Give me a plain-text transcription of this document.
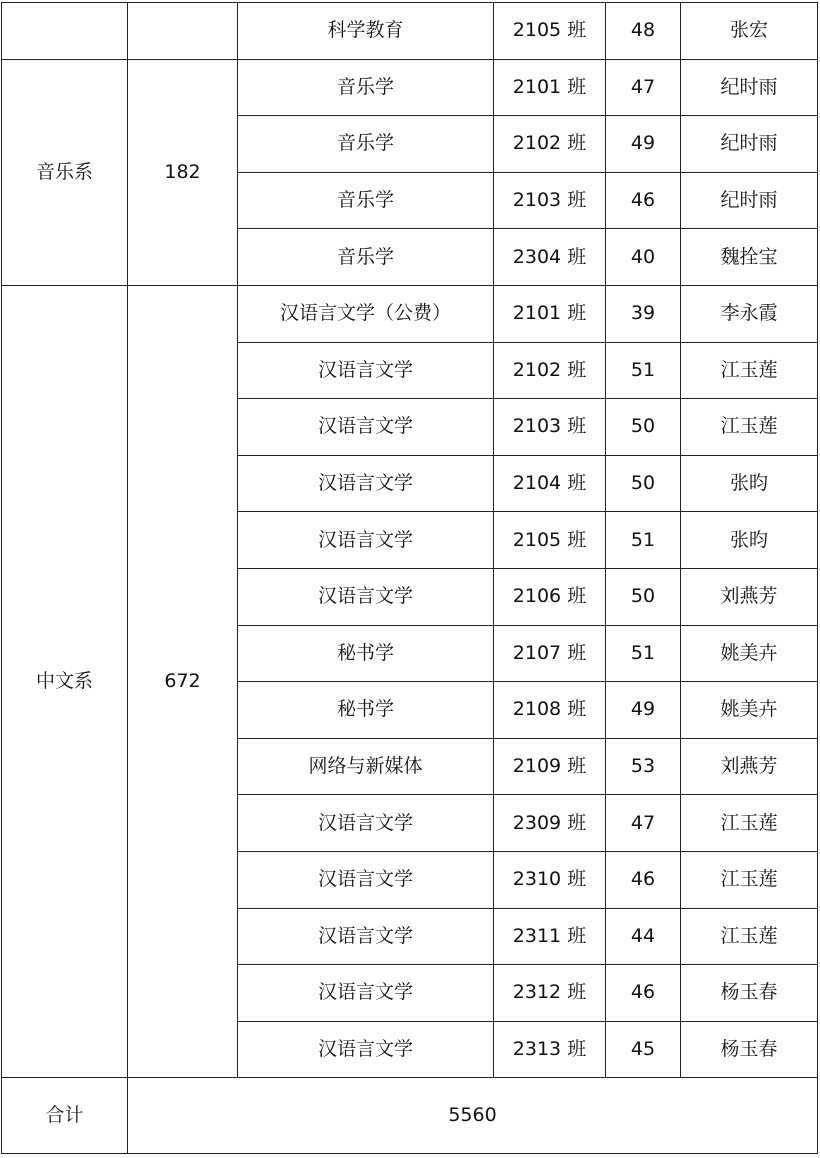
		科学教育	2105 班	48	张宏
音乐系	182	音乐学	2101 班	47	纪时雨
		音乐学	2102 班	49	纪时雨
		音乐学	2103 班	46	纪时雨
		音乐学	2304 班	40	魏拴宝
中文系	672	汉语言文学（公费）	2101 班	39	李永霞
		汉语言文学	2102 班	51	江玉莲
		汉语言文学	2103 班	50	江玉莲
		汉语言文学	2104 班	50	张昀
		汉语言文学	2105 班	51	张昀
		汉语言文学	2106 班	50	刘燕芳
		秘书学	2107 班	51	姚美卉
		秘书学	2108 班	49	姚美卉
		网络与新媒体	2109 班	53	刘燕芳
		汉语言文学	2309 班	47	江玉莲
		汉语言文学	2310 班	46	江玉莲
		汉语言文学	2311 班	44	江玉莲
		汉语言文学	2312 班	46	杨玉春
		汉语言文学	2313 班	45	杨玉春
合计	5560				
